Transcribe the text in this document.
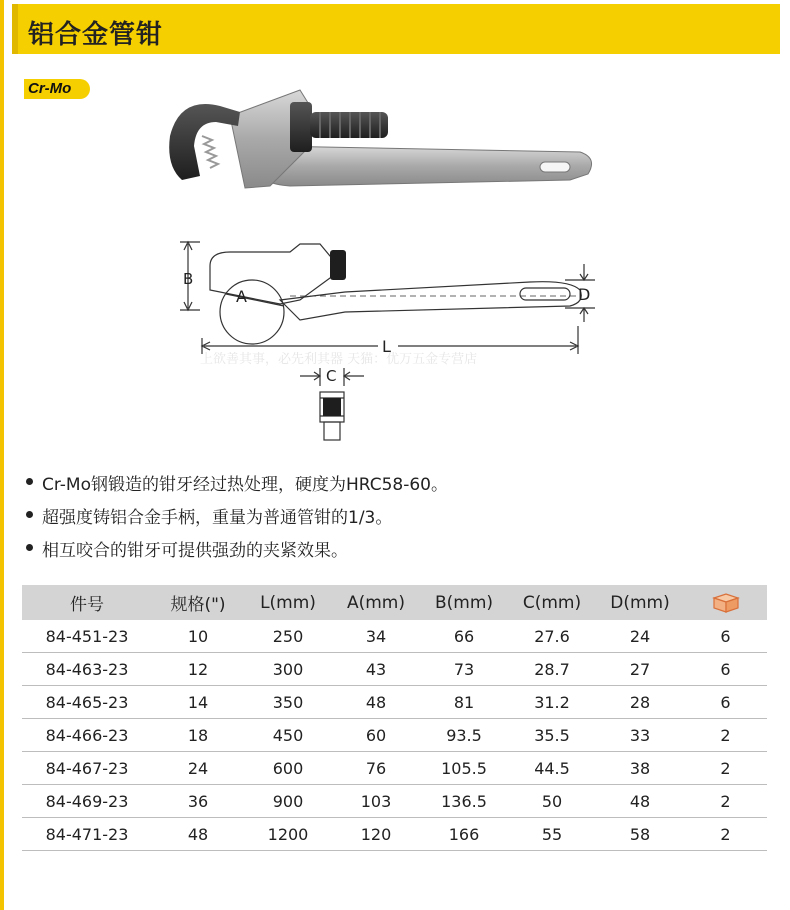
铝合金管钳
Cr-Mo
B
A
L
D
C
上欲善其事，必先利其器 天猫：优万五金专营店
Cr-Mo钢锻造的钳牙经过热处理，硬度为HRC58-60。
超强度铸铝合金手柄，重量为普通管钳的1/3。
相互咬合的钳牙可提供强劲的夹紧效果。
件号	规格(")	L(mm)	A(mm)	B(mm)	C(mm)	D(mm)	
84-451-23	10	250	34	66	27.6	24	6
84-463-23	12	300	43	73	28.7	27	6
84-465-23	14	350	48	81	31.2	28	6
84-466-23	18	450	60	93.5	35.5	33	2
84-467-23	24	600	76	105.5	44.5	38	2
84-469-23	36	900	103	136.5	50	48	2
84-471-23	48	1200	120	166	55	58	2
